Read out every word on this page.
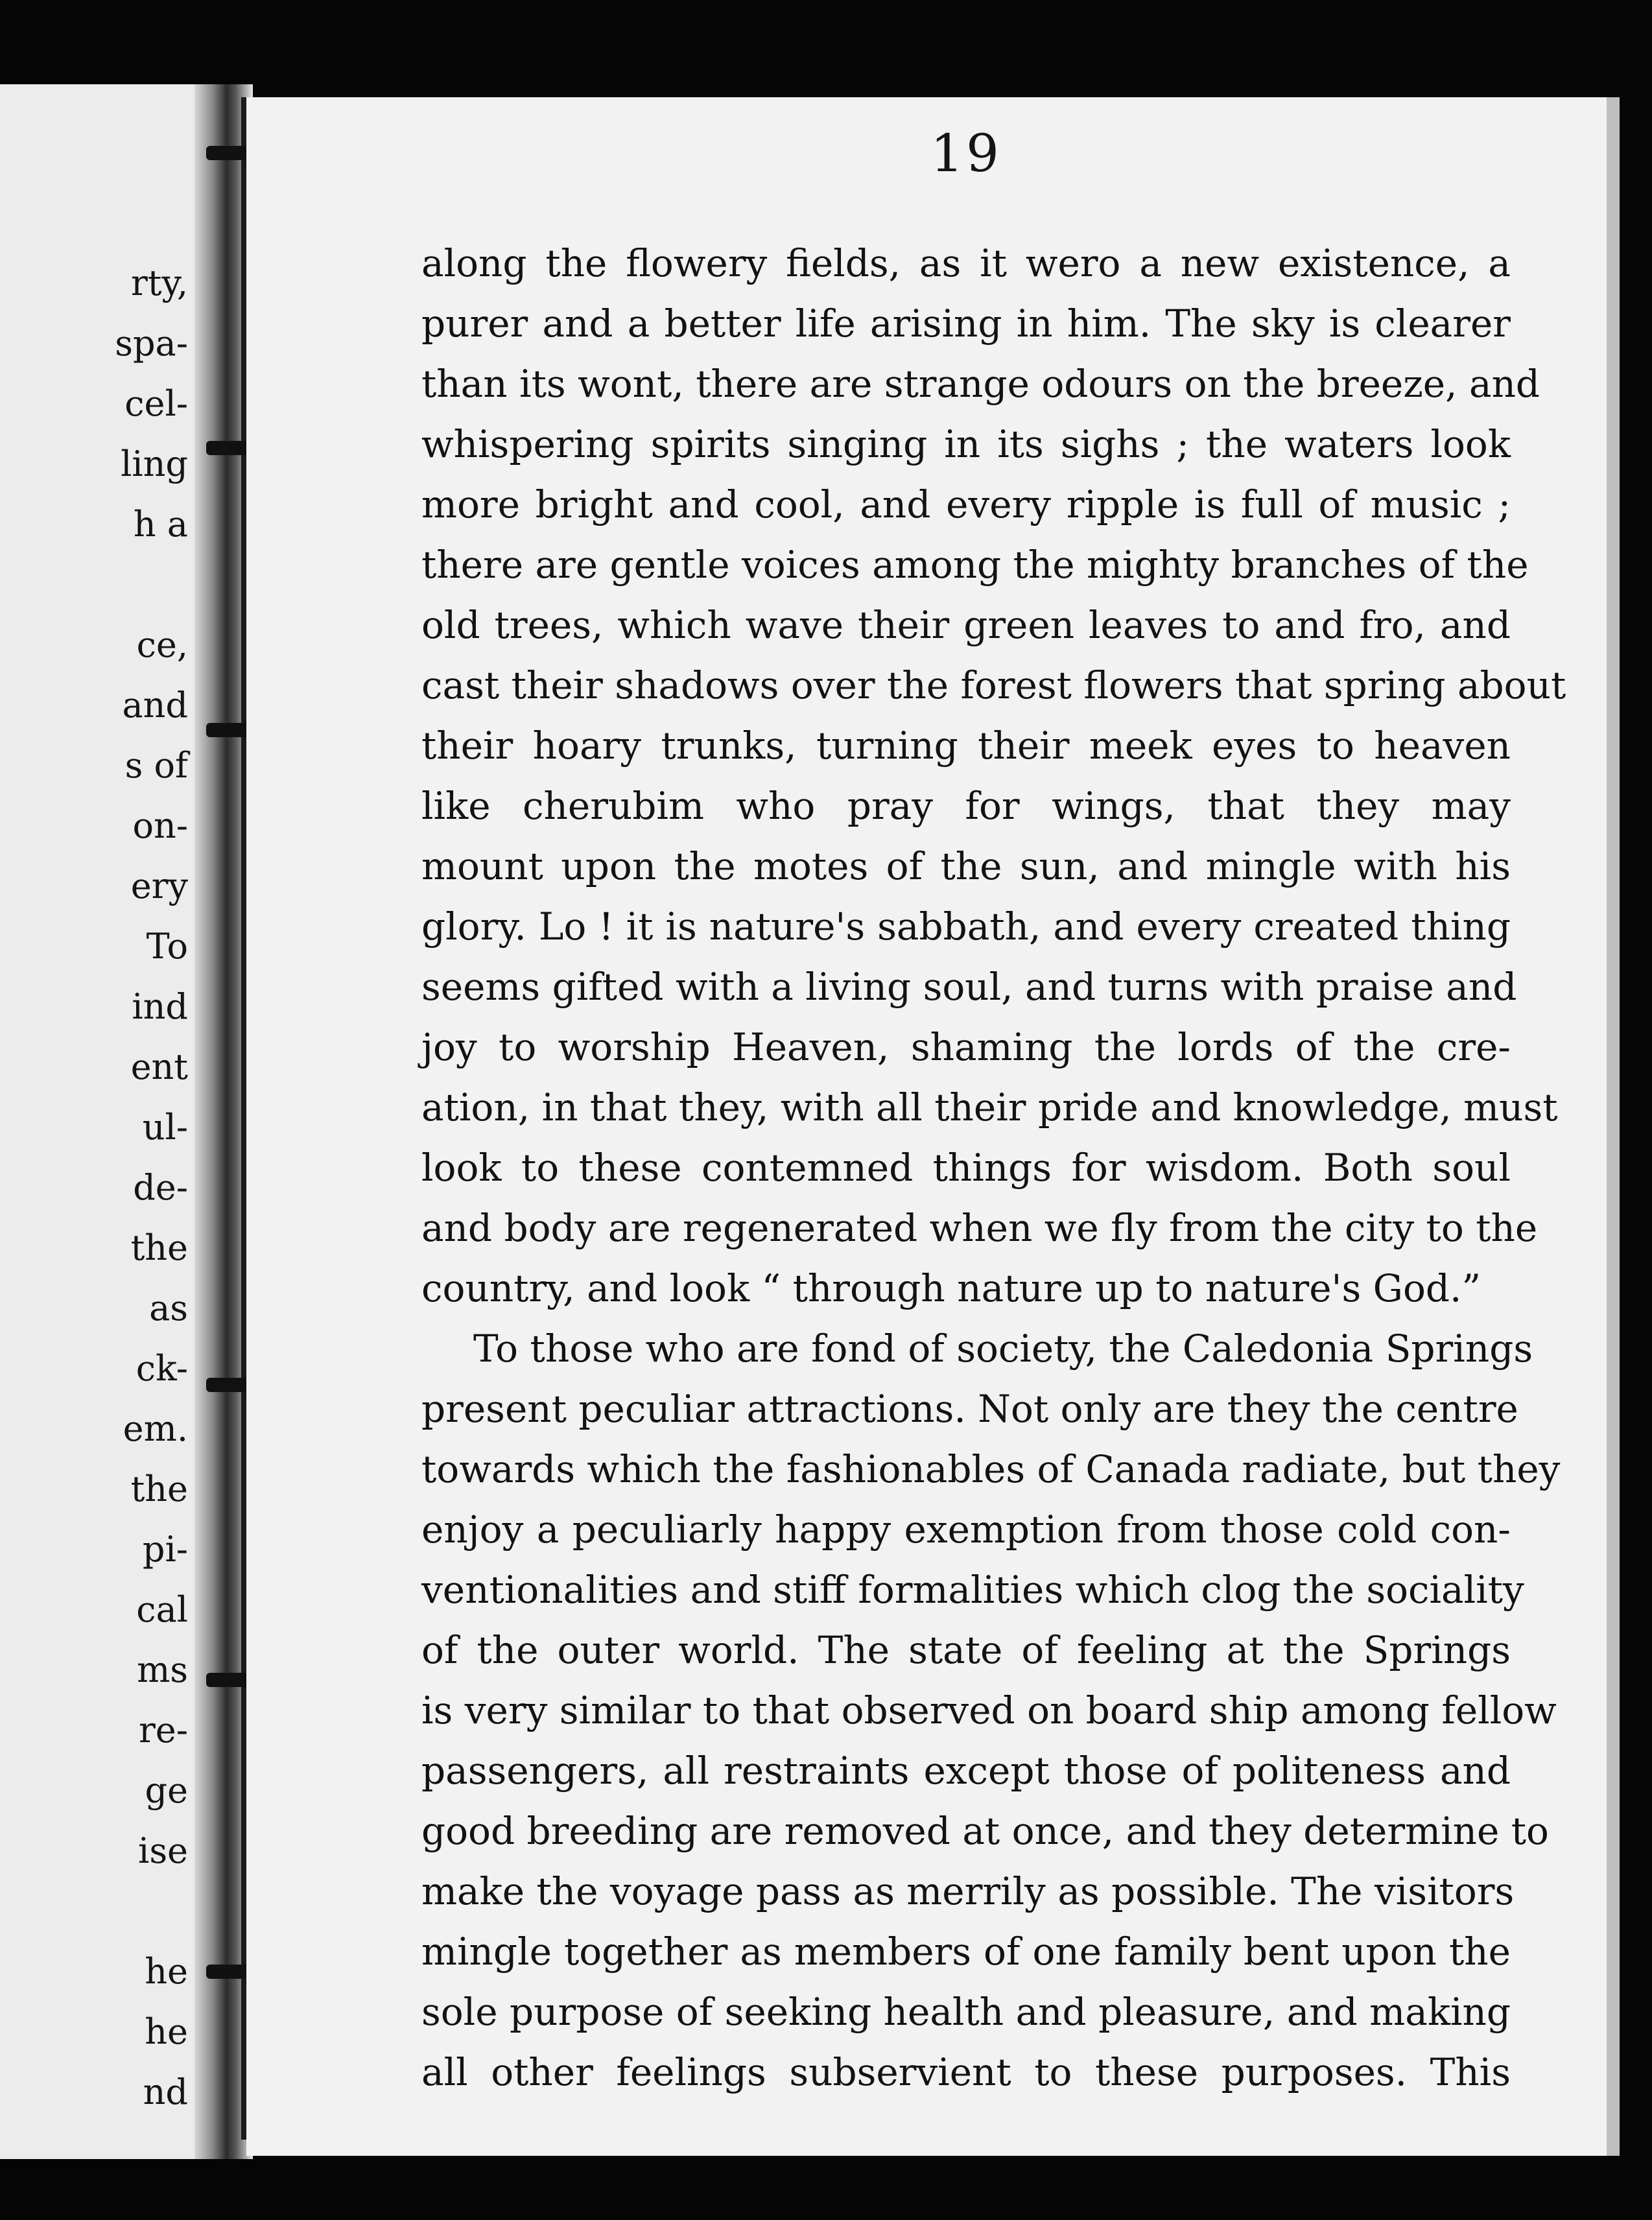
rty,
spa-
cel-
ling
h a
ce,
and
s of
on-
ery
To
ind
ent
ul-
de-
the
as
ck-
em.
the
pi-
cal
ms
re-
ge
ise
he
he
nd
19
along the flowery fields, as it wero a new existence, a
purer and a better life arising in him. The sky is clearer
than its wont, there are strange odours on the breeze, and
whispering spirits singing in its sighs ; the waters look
more bright and cool, and every ripple is full of music ;
there are gentle voices among the mighty branches of the
old trees, which wave their green leaves to and fro, and
cast their shadows over the forest flowers that spring about
their hoary trunks, turning their meek eyes to heaven
like cherubim who pray for wings, that they may
mount upon the motes of the sun, and mingle with his
glory. Lo ! it is nature's sabbath, and every created thing
seems gifted with a living soul, and turns with praise and
joy to worship Heaven, shaming the lords of the cre-
ation, in that they, with all their pride and knowledge, must
look to these contemned things for wisdom. Both soul
and body are regenerated when we fly from the city to the
country, and look “ through nature up to nature's God.”
To those who are fond of society, the Caledonia Springs
present peculiar attractions. Not only are they the centre
towards which the fashionables of Canada radiate, but they
enjoy a peculiarly happy exemption from those cold con-
ventionalities and stiff formalities which clog the sociality
of the outer world. The state of feeling at the Springs
is very similar to that observed on board ship among fellow
passengers, all restraints except those of politeness and
good breeding are removed at once, and they determine to
make the voyage pass as merrily as possible. The visitors
mingle together as members of one family bent upon the
sole purpose of seeking health and pleasure, and making
all other feelings subservient to these purposes. This
